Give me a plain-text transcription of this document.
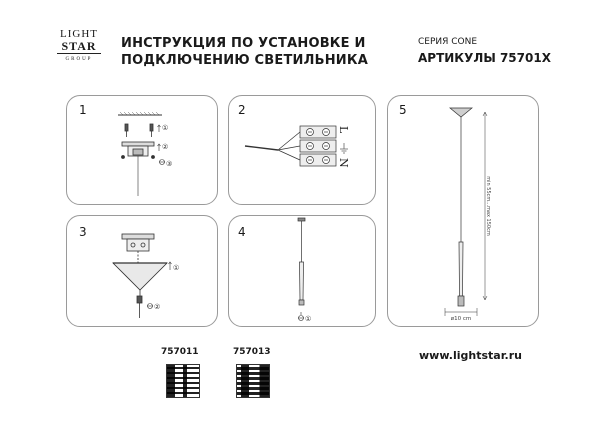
LIGHT
STAR
GROUP
ИНСТРУКЦИЯ ПО УСТАНОВКЕ И
ПОДКЛЮЧЕНИЮ СВЕТИЛЬНИКА
СЕРИЯ CONE
АРТИКУЛЫ 75701X
1	2
3	4
5
①
②
③
L
N
①
②
①
min 55cm...max 150cm
ø10 cm
757011	757013	www.lightstar.ru
